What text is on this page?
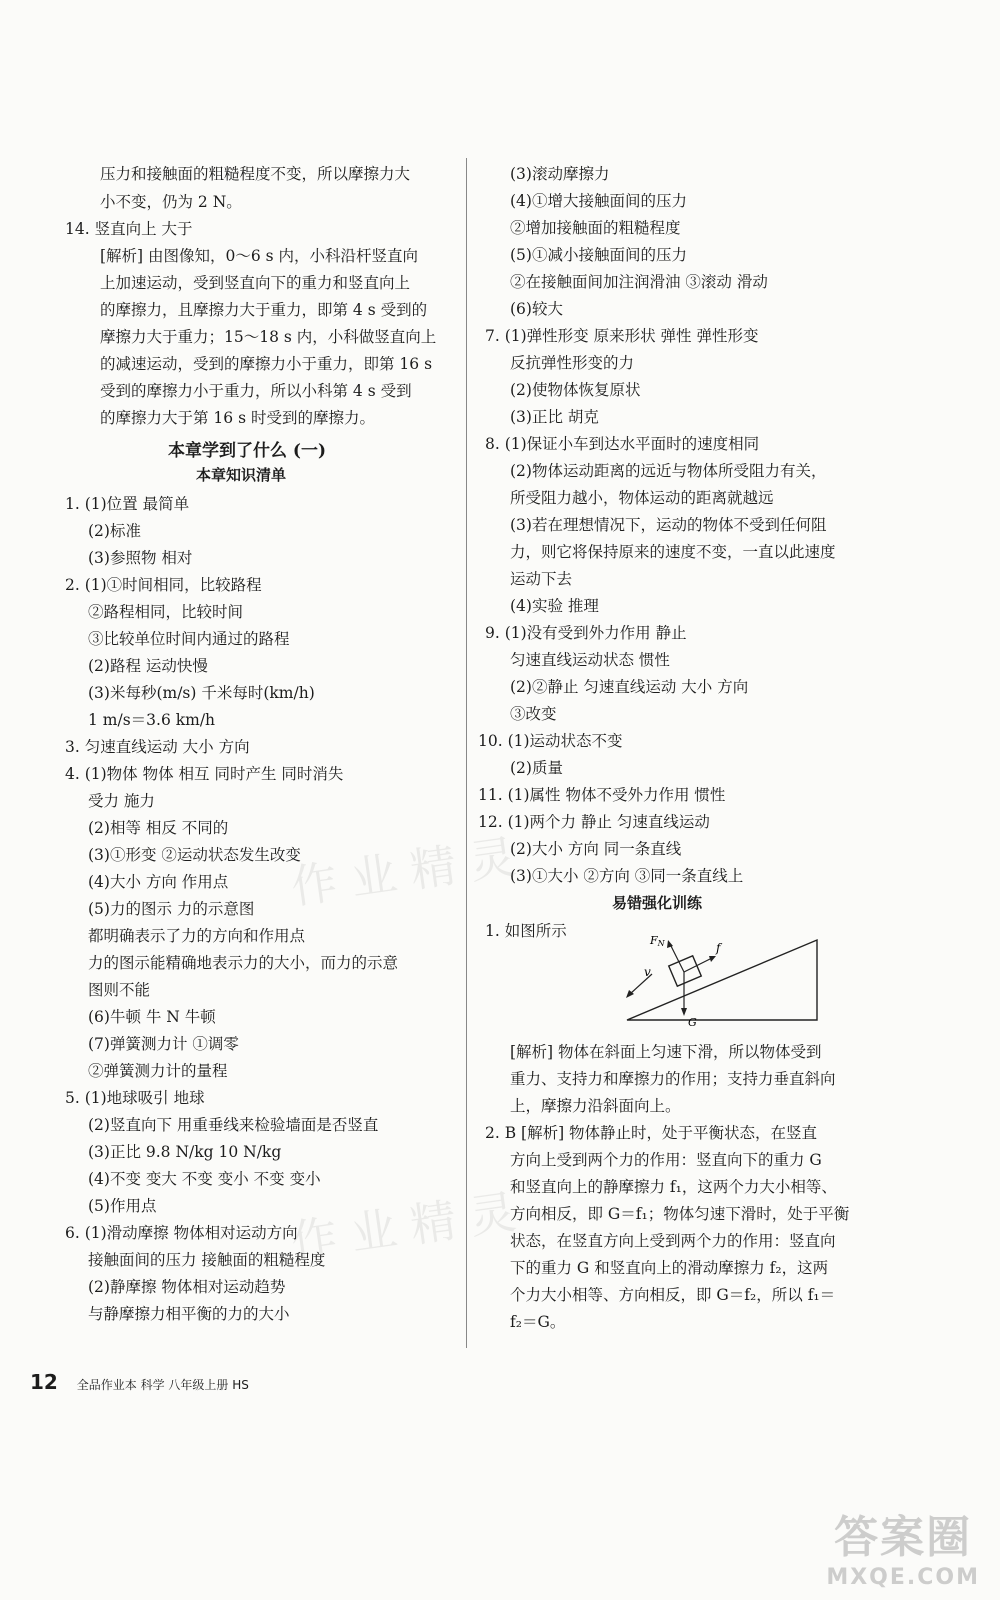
压力和接触面的粗糙程度不变，所以摩擦力大
小不变，仍为 2 N。
14. 竖直向上 大于
[解析] 由图像知，0～6 s 内，小科沿杆竖直向
上加速运动，受到竖直向下的重力和竖直向上
的摩擦力，且摩擦力大于重力，即第 4 s 受到的
摩擦力大于重力；15～18 s 内，小科做竖直向上
的减速运动，受到的摩擦力小于重力，即第 16 s
受到的摩擦力小于重力，所以小科第 4 s 受到
的摩擦力大于第 16 s 时受到的摩擦力。
本章学到了什么 (一)
本章知识清单
1. (1)位置 最简单
(2)标准
(3)参照物 相对
2. (1)①时间相同，比较路程
②路程相同，比较时间
③比较单位时间内通过的路程
(2)路程 运动快慢
(3)米每秒(m/s) 千米每时(km/h)
1 m/s＝3.6 km/h
3. 匀速直线运动 大小 方向
4. (1)物体 物体 相互 同时产生 同时消失
受力 施力
(2)相等 相反 不同的
(3)①形变 ②运动状态发生改变
(4)大小 方向 作用点
(5)力的图示 力的示意图
都明确表示了力的方向和作用点
力的图示能精确地表示力的大小，而力的示意
图则不能
(6)牛顿 牛 N 牛顿
(7)弹簧测力计 ①调零
②弹簧测力计的量程
5. (1)地球吸引 地球
(2)竖直向下 用重垂线来检验墙面是否竖直
(3)正比 9.8 N/kg 10 N/kg
(4)不变 变大 不变 变小 不变 变小
(5)作用点
6. (1)滑动摩擦 物体相对运动方向
接触面间的压力 接触面的粗糙程度
(2)静摩擦 物体相对运动趋势
与静摩擦力相平衡的力的大小
(3)滚动摩擦力
(4)①增大接触面间的压力
②增加接触面的粗糙程度
(5)①减小接触面间的压力
②在接触面间加注润滑油 ③滚动 滑动
(6)较大
7. (1)弹性形变 原来形状 弹性 弹性形变
反抗弹性形变的力
(2)使物体恢复原状
(3)正比 胡克
8. (1)保证小车到达水平面时的速度相同
(2)物体运动距离的远近与物体所受阻力有关，
所受阻力越小，物体运动的距离就越远
(3)若在理想情况下，运动的物体不受到任何阻
力，则它将保持原来的速度不变，一直以此速度
运动下去
(4)实验 推理
9. (1)没有受到外力作用 静止
匀速直线运动状态 惯性
(2)②静止 匀速直线运动 大小 方向
③改变
10. (1)运动状态不变
(2)质量
11. (1)属性 物体不受外力作用 惯性
12. (1)两个力 静止 匀速直线运动
(2)大小 方向 同一条直线
(3)①大小 ②方向 ③同一条直线上
易错强化训练
1. 如图所示
[解析] 物体在斜面上匀速下滑，所以物体受到
重力、支持力和摩擦力的作用；支持力垂直斜向
上，摩擦力沿斜面向上。
2. B [解析] 物体静止时，处于平衡状态，在竖直
方向上受到两个力的作用：竖直向下的重力 G
和竖直向上的静摩擦力 f₁，这两个力大小相等、
方向相反，即 G＝f₁；物体匀速下滑时，处于平衡
状态，在竖直方向上受到两个力的作用：竖直向
下的重力 G 和竖直向上的滑动摩擦力 f₂，这两
个力大小相等、方向相反，即 G＝f₂，所以 f₁＝
f₂＝G。
FN	f
v
G
作业精灵
作业精灵
12 全品作业本 科学 八年级上册 HS
答案圈
MXQE.COM
